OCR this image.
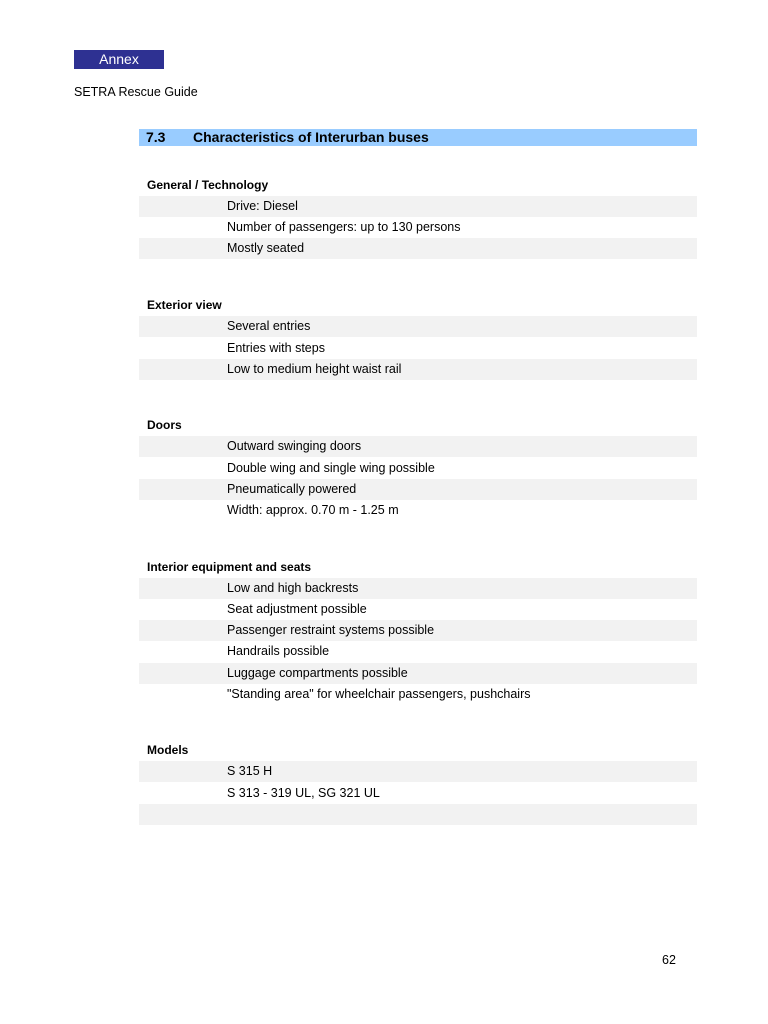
Annex
SETRA Rescue Guide
7.3 Characteristics of Interurban buses
General / Technology
Drive: Diesel
Number of passengers: up to 130 persons
Mostly seated
Exterior view
Several entries
Entries with steps
Low to medium height waist rail
Doors
Outward swinging doors
Double wing and single wing possible
Pneumatically powered
Width: approx. 0.70 m - 1.25 m
Interior equipment and seats
Low and high backrests
Seat adjustment possible
Passenger restraint systems possible
Handrails possible
Luggage compartments possible
"Standing area" for wheelchair passengers, pushchairs
Models
S 315 H
S 313 - 319 UL, SG 321 UL
62
